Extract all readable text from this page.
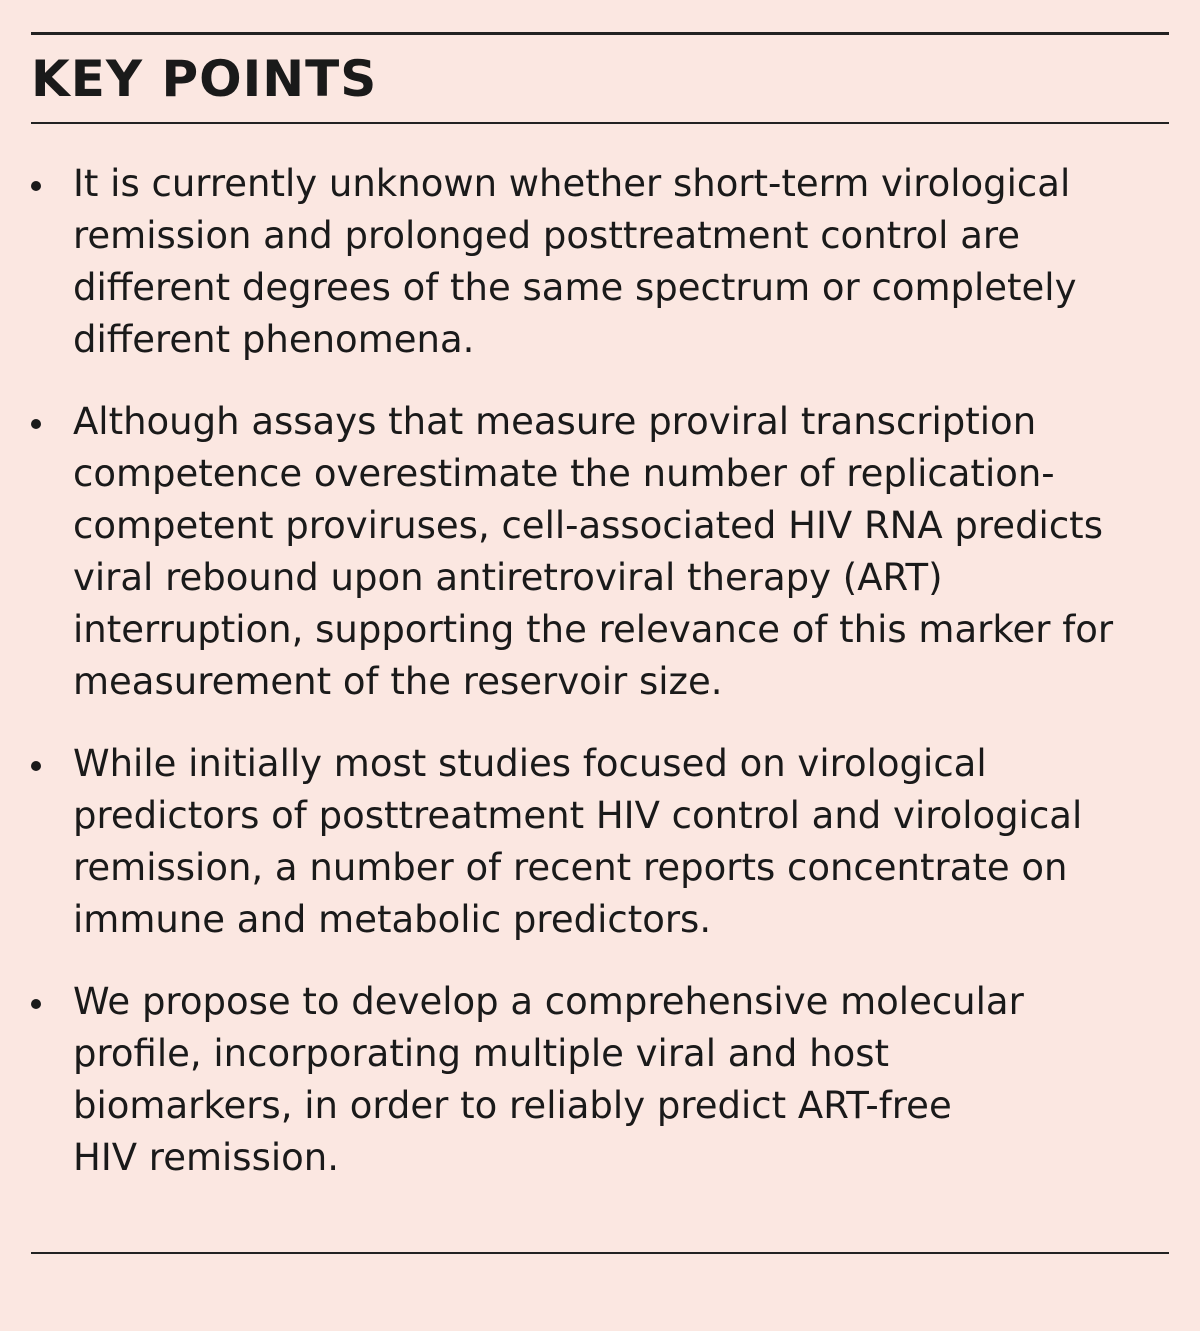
KEY POINTS
It is currently unknown whether short-term virological
remission and prolonged posttreatment control are
different degrees of the same spectrum or completely
different phenomena.
Although assays that measure proviral transcription
competence overestimate the number of replication-
competent proviruses, cell-associated HIV RNA predicts
viral rebound upon antiretroviral therapy (ART)
interruption, supporting the relevance of this marker for
measurement of the reservoir size.
While initially most studies focused on virological
predictors of posttreatment HIV control and virological
remission, a number of recent reports concentrate on
immune and metabolic predictors.
We propose to develop a comprehensive molecular
profile, incorporating multiple viral and host
biomarkers, in order to reliably predict ART-free
HIV remission.
